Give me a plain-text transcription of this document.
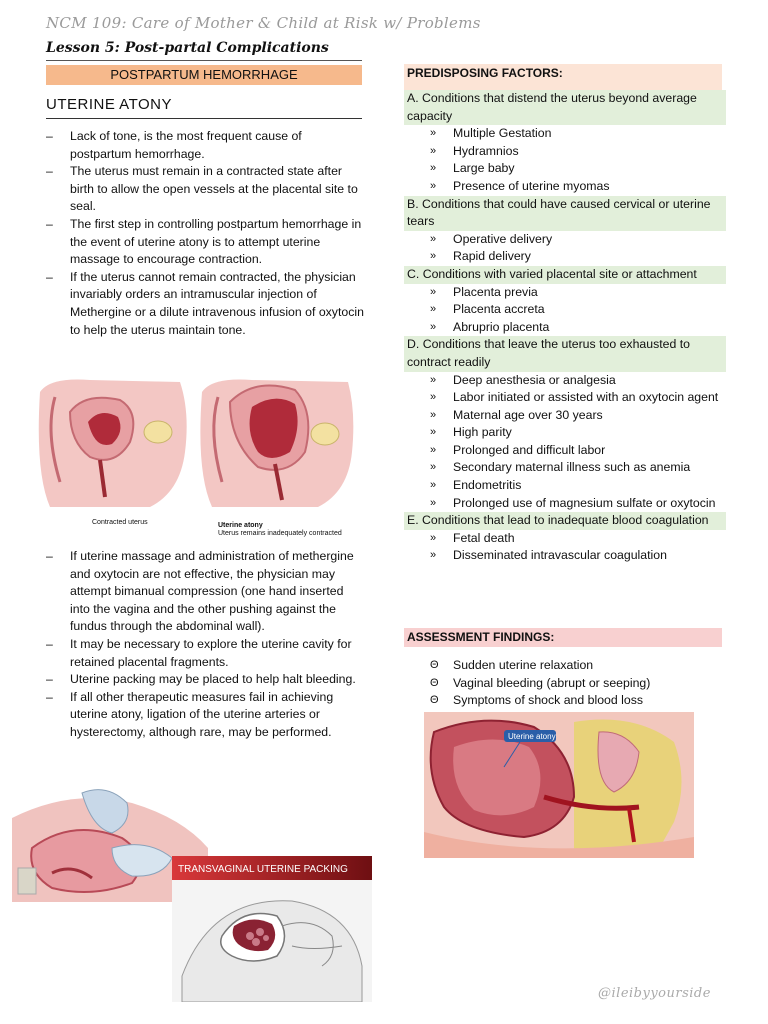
NCM 109: Care of Mother & Child at Risk w/ Problems
Lesson 5: Post-partal Complications
POSTPARTUM HEMORRHAGE
UTERINE ATONY
– Lack of tone, is the most frequent cause of postpartum hemorrhage.
– The uterus must remain in a contracted state after birth to allow the open vessels at the placental site to seal.
– The first step in controlling postpartum hemorrhage in the event of uterine atony is to attempt uterine massage to encourage contraction.
– If the uterus cannot remain contracted, the physician invariably orders an intramuscular injection of Methergine or a dilute intravenous infusion of oxytocin to help the uterus maintain tone.
Contracted uterus	Uterine atony
Uterus remains inadequately contracted
– If uterine massage and administration of methergine and oxytocin are not effective, the physician may attempt bimanual compression (one hand inserted into the vagina and the other pushing against the fundus through the abdominal wall).
– It may be necessary to explore the uterine cavity for retained placental fragments.
– Uterine packing may be placed to help halt bleeding.
– If all other therapeutic measures fail in achieving uterine atony, ligation of the uterine arteries or hysterectomy, although rare, may be performed.
TRANSVAGINAL UTERINE PACKING
PREDISPOSING FACTORS:
A. Conditions that distend the uterus beyond average capacity
» Multiple Gestation
» Hydramnios
» Large baby
» Presence of uterine myomas
B. Conditions that could have caused cervical or uterine tears
» Operative delivery
» Rapid delivery
C. Conditions with varied placental site or attachment
» Placenta previa
» Placenta accreta
» Abruprio placenta
D. Conditions that leave the uterus too exhausted to contract readily
» Deep anesthesia or analgesia
» Labor initiated or assisted with an oxytocin agent
» Maternal age over 30 years
» High parity
» Prolonged and difficult labor
» Secondary maternal illness such as anemia
» Endometritis
» Prolonged use of magnesium sulfate or oxytocin
E. Conditions that lead to inadequate blood coagulation
» Fetal death
» Disseminated intravascular coagulation
ASSESSMENT FINDINGS:
Θ Sudden uterine relaxation
Θ Vaginal bleeding (abrupt or seeping)
Θ Symptoms of shock and blood loss
Uterine atony
@ileibyyourside
